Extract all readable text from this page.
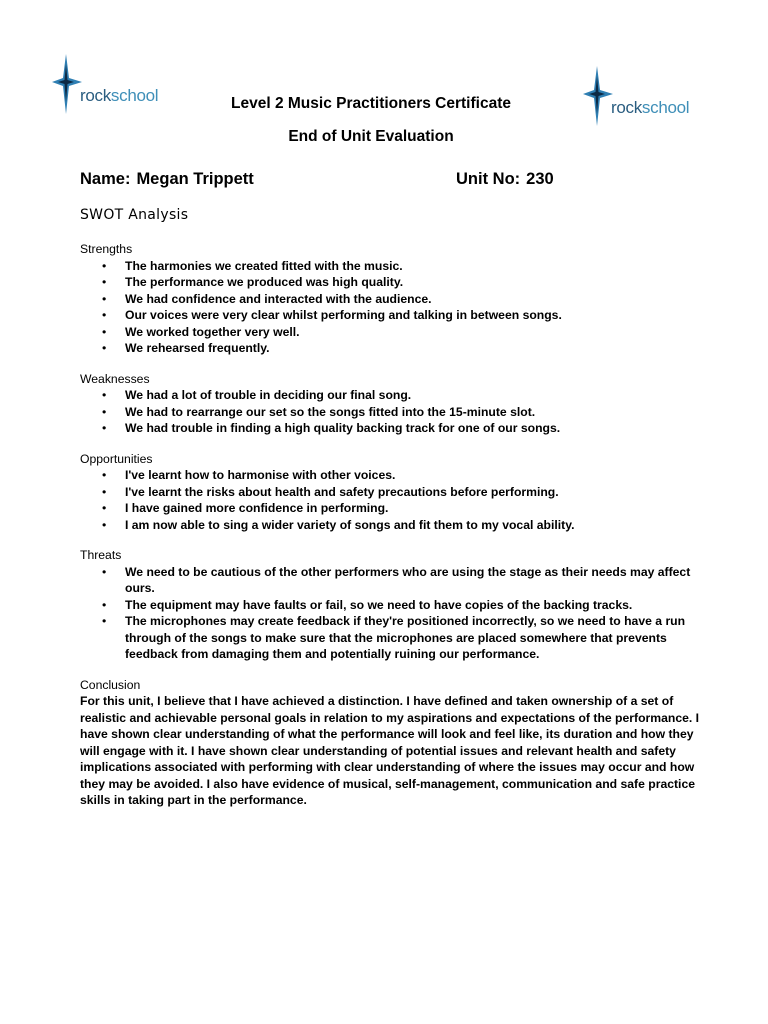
rockschool
rockschool
Level 2 Music Practitioners Certificate
End of Unit Evaluation
Name: Megan Trippett	Unit No: 230
SWOT Analysis
Strengths
• The harmonies we created fitted with the music.
• The performance we produced was high quality.
• We had confidence and interacted with the audience.
• Our voices were very clear whilst performing and talking in between songs.
• We worked together very well.
• We rehearsed frequently.
Weaknesses
• We had a lot of trouble in deciding our final song.
• We had to rearrange our set so the songs fitted into the 15-minute slot.
• We had trouble in finding a high quality backing track for one of our songs.
Opportunities
• I've learnt how to harmonise with other voices.
• I've learnt the risks about health and safety precautions before performing.
• I have gained more confidence in performing.
• I am now able to sing a wider variety of songs and fit them to my vocal ability.
Threats
• We need to be cautious of the other performers who are using the stage as their needs may affect ours.
• The equipment may have faults or fail, so we need to have copies of the backing tracks.
• The microphones may create feedback if they're positioned incorrectly, so we need to have a run through of the songs to make sure that the microphones are placed somewhere that prevents feedback from damaging them and potentially ruining our performance.
Conclusion

For this unit, I believe that I have achieved a distinction. I have defined and taken ownership of a set of realistic and achievable personal goals in relation to my aspirations and expectations of the performance. I have shown clear understanding of what the performance will look and feel like, its duration and how they will engage with it. I have shown clear understanding of potential issues and relevant health and safety implications associated with performing with clear understanding of where the issues may occur and how they may be avoided. I also have evidence of musical, self-management, communication and safe practice skills in taking part in the performance.
